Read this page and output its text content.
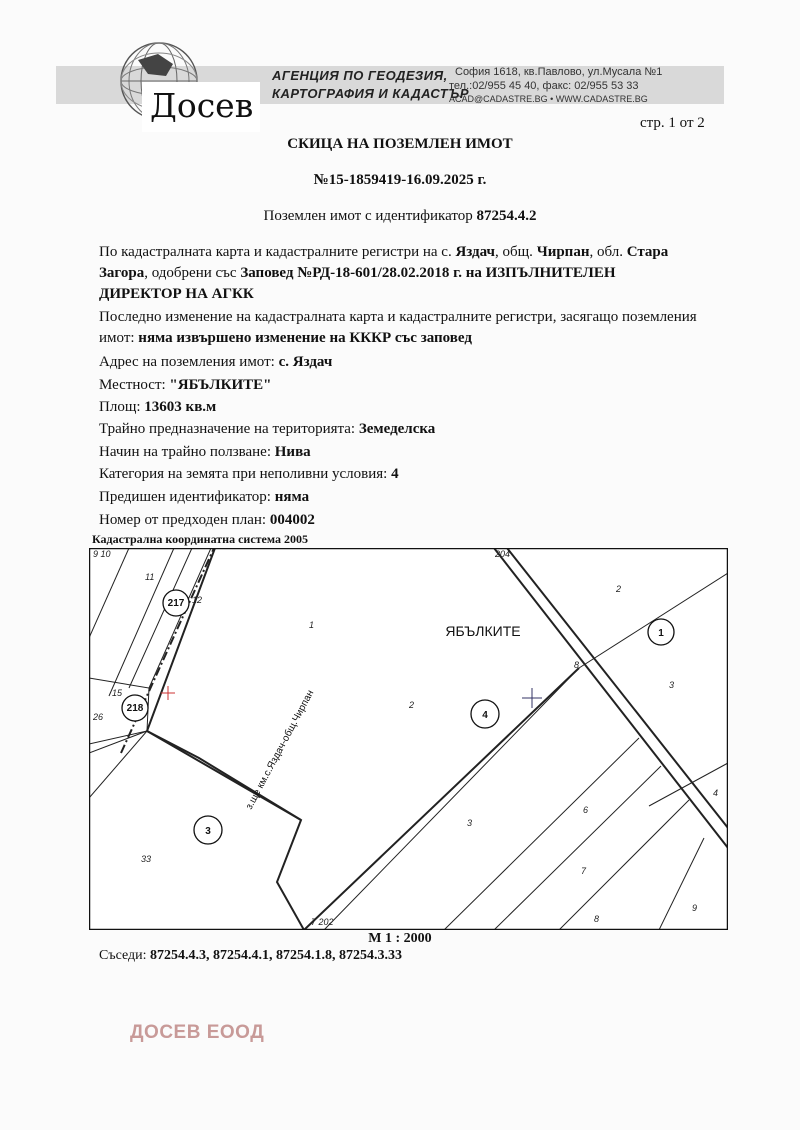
АГЕНЦИЯ ПО ГЕОДЕЗИЯ,
КАРТОГРАФИЯ И КАДАСТЪР
Досев
София 1618, кв.Павлово, ул.Мусала №1
тел.:02/955 45 40, факс: 02/955 53 33
ACAD@CADASTRE.BG • WWW.CADASTRE.BG
стр. 1 от 2
СКИЦА НА ПОЗЕМЛЕН ИМОТ
№15-1859419-16.09.2025 г.
Поземлен имот с идентификатор 87254.4.2
По кадастралната карта и кадастралните регистри на с. Яздач, общ. Чирпан, обл. Стара
Загора, одобрени със Заповед №РД-18-601/28.02.2018 г. на ИЗПЪЛНИТЕЛЕН
ДИРЕКТОР НА АГКК
Последно изменение на кадастралната карта и кадастралните регистри, засягащо поземления
имот: няма извършено изменение на КККР със заповед
Адрес на поземления имот: с. Яздач
Местност: "ЯБЪЛКИТЕ"
Площ: 13603 кв.м
Трайно предназначение на територията: Земеделска
Начин на трайно ползване: Нива
Категория на земята при неполивни условия: 4
Предишен идентификатор: няма
Номер от предходен план: 004002
Кадастрална координатна система 2005
217
218
3
4
1
9 10
11
12
1
2
3
4
6
7
8
9
15
26
33
204
7 202
8
2
3
ЯБЪЛКИТЕ
з.ще км.с.Яздач-общ.Чирпан
М 1 : 2000
Съседи: 87254.4.3, 87254.4.1, 87254.1.8, 87254.3.33
ДОСЕВ ЕООД
